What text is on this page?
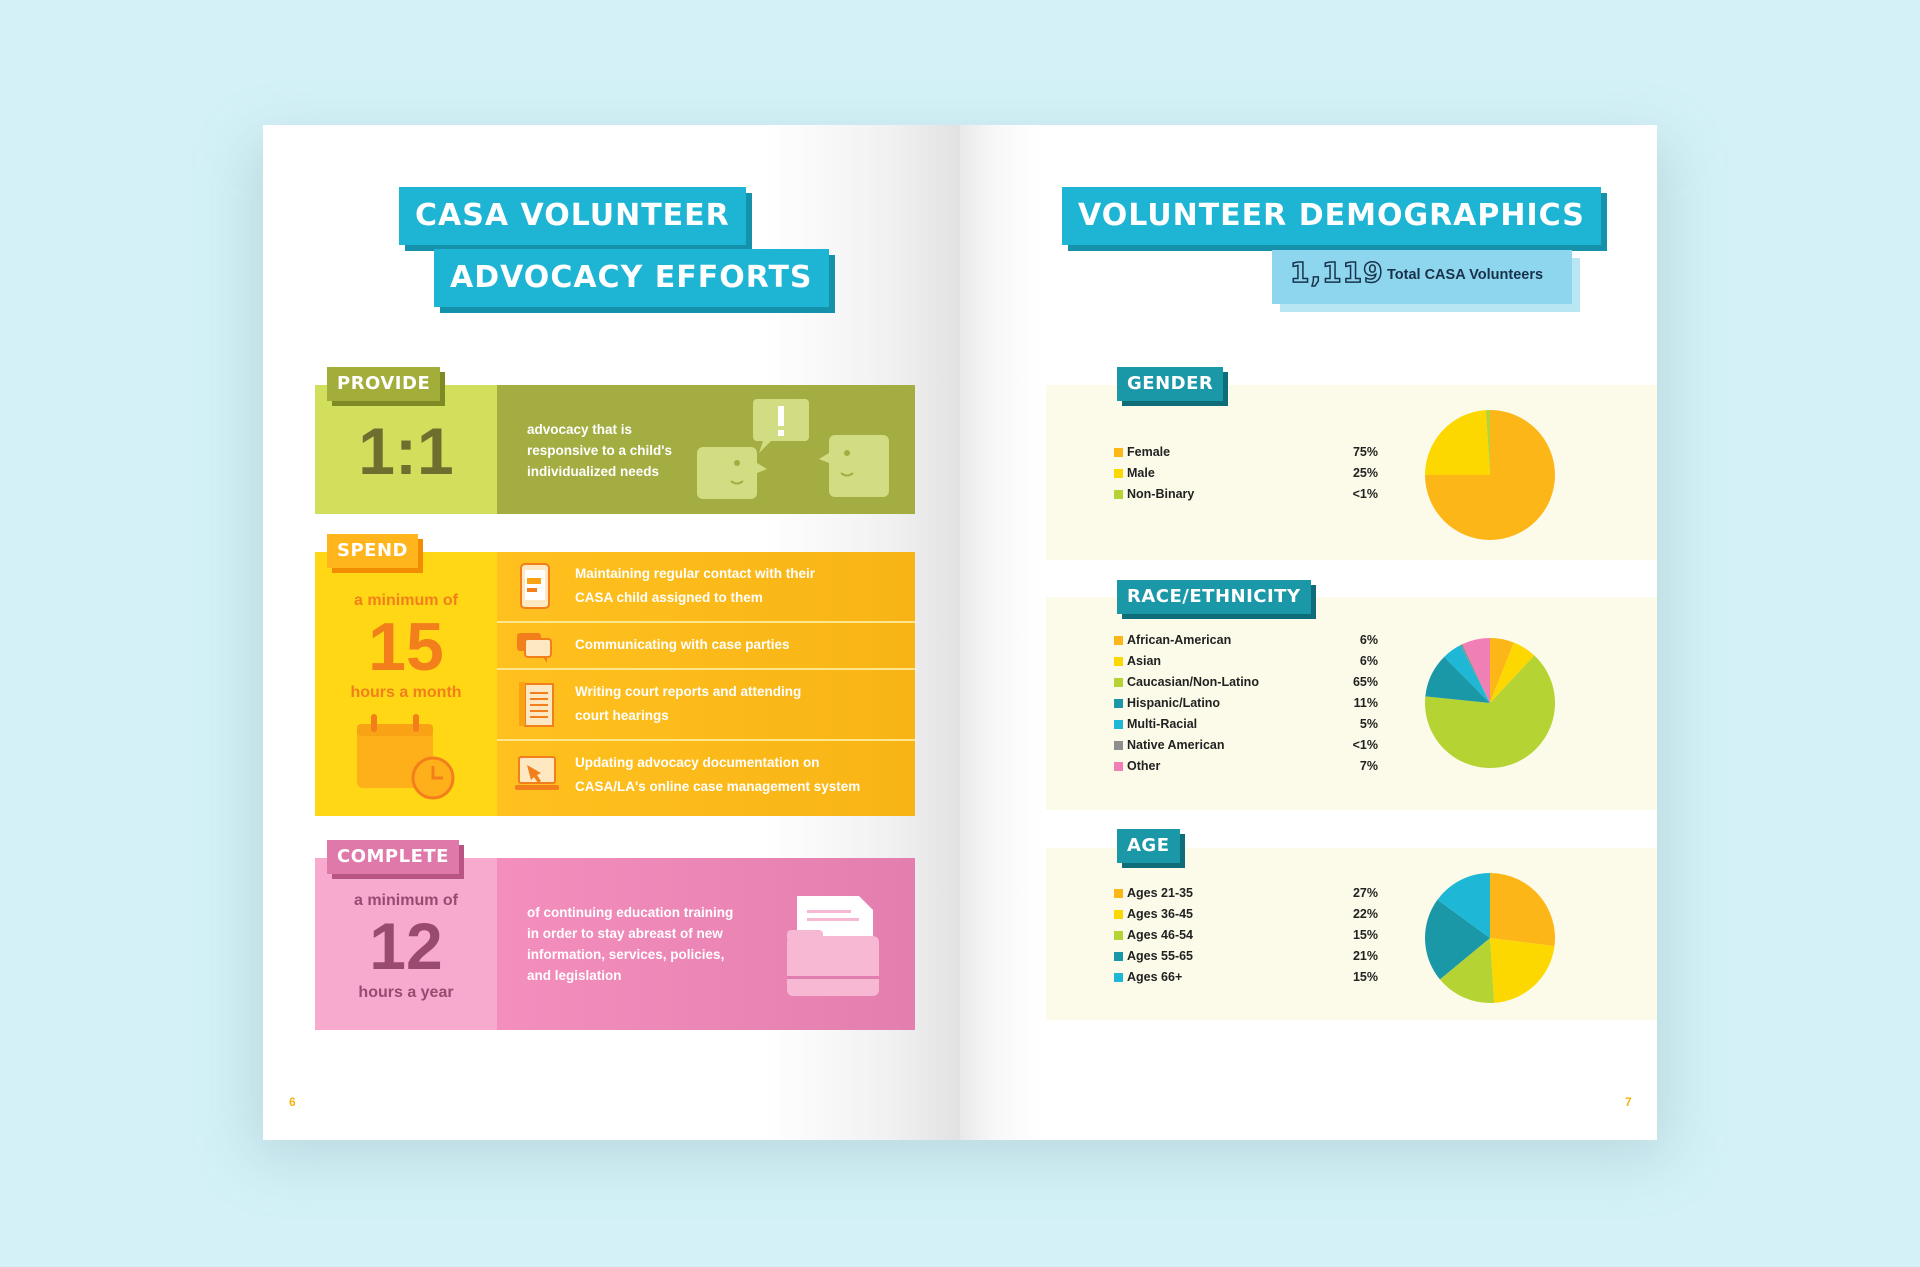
CASA VOLUNTEER
ADVOCACY EFFORTS
1:1	advocacy that is
responsive to a child's
individualized needs
PROVIDE
a minimum of
15
hours a month
Maintaining regular contact with their
CASA child assigned to them
Communicating with case parties
Writing court reports and attending
court hearings
Updating advocacy documentation on
CASA/LA's online case management system
SPEND
a minimum of
12
hours a year
of continuing education training
in order to stay abreast of new
information, services, policies,
and legislation
COMPLETE
6
VOLUNTEER DEMOGRAPHICS
1,119 Total CASA Volunteers
Female	75%
Male	25%
Non-Binary	<1%
GENDER
African-American	6%
Asian	6%
Caucasian/Non-Latino	65%
Hispanic/Latino	11%
Multi-Racial	5%
Native American	<1%
Other	7%
RACE/ETHNICITY
Ages 21-35	27%
Ages 36-45	22%
Ages 46-54	15%
Ages 55-65	21%
Ages 66+	15%
AGE
7
